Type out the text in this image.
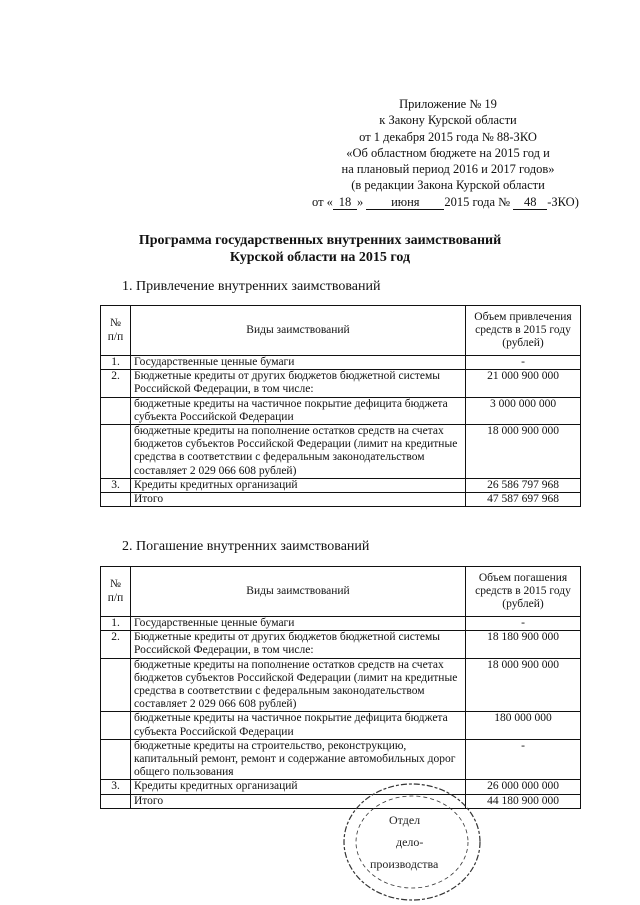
Приложение № 19
к Закону Курской области
от 1 декабря 2015 года № 88-ЗКО
«Об областном бюджете на 2015 год и
на плановый период 2016 и 2017 годов»
(в редакции Закона Курской области
от « 18 » июня 2015 года № 48 -ЗКО)
Программа государственных внутренних заимствований
Курской области на 2015 год
1. Привлечение внутренних заимствований
№
п/п	Виды заимствований	Объем привлечения средств в 2015 году (рублей)
1.	Государственные ценные бумаги	-
2.	Бюджетные кредиты от других бюджетов бюджетной системы Российской Федерации, в том числе:	21 000 900 000
	бюджетные кредиты на частичное покрытие дефицита бюджета субъекта Российской Федерации	3 000 000 000
	бюджетные кредиты на пополнение остатков средств на счетах бюджетов субъектов Российской Федерации (лимит на кредитные средства в соответствии с федеральным законодательством составляет 2 029 066 608 рублей)	18 000 900 000
3.	Кредиты кредитных организаций	26 586 797 968
	Итого	47 587 697 968
2. Погашение внутренних заимствований
№
п/п	Виды заимствований	Объем погашения средств в 2015 году (рублей)
1.	Государственные ценные бумаги	-
2.	Бюджетные кредиты от других бюджетов бюджетной системы Российской Федерации, в том числе:	18 180 900 000
	бюджетные кредиты на пополнение остатков средств на счетах бюджетов субъектов Российской Федерации (лимит на кредитные средства в соответствии с федеральным законодательством составляет 2 029 066 608 рублей)	18 000 900 000
	бюджетные кредиты на частичное покрытие дефицита бюджета субъекта Российской Федерации	180 000 000
	бюджетные кредиты на строительство, реконструкцию, капитальный ремонт, ремонт и содержание автомобильных дорог общего пользования	-
3.	Кредиты кредитных организаций	26 000 000 000
	Итого	44 180 900 000
Отдел
дело-
производства
